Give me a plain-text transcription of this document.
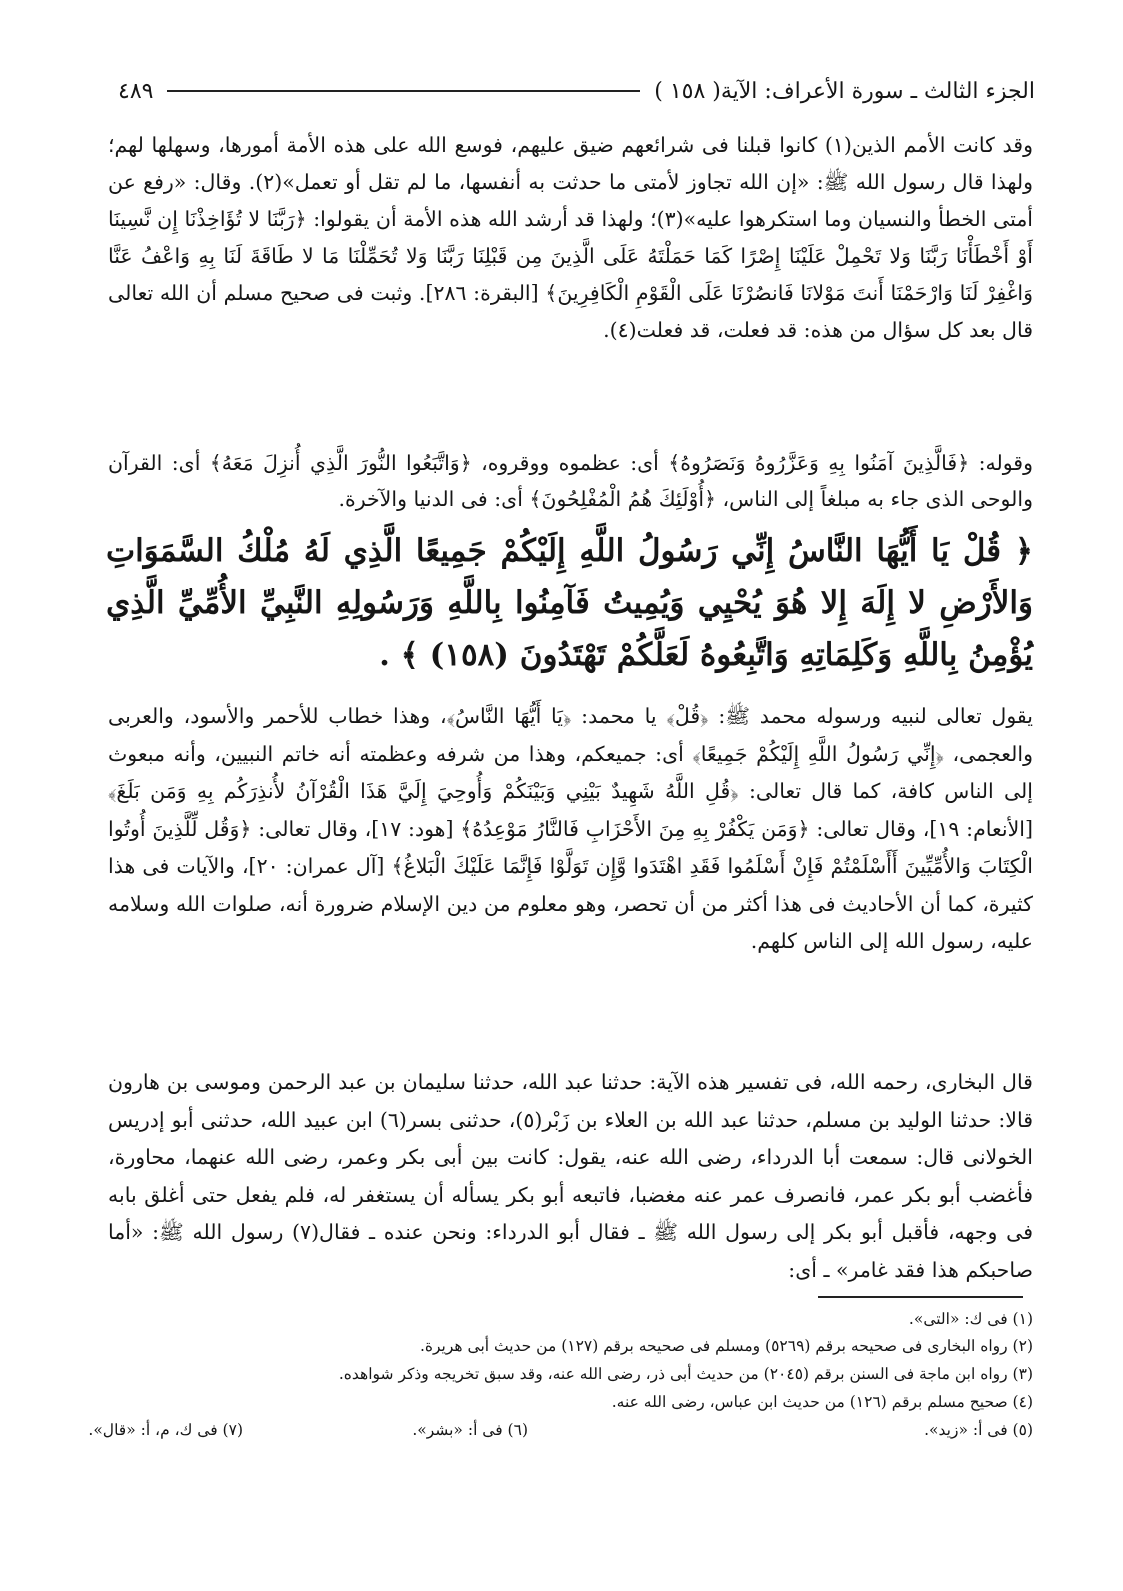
الجزء الثالث ـ سورة الأعراف: الآية( ١٥٨ )
٤٨٩
وقد كانت الأمم الذين(١) كانوا قبلنا فى شرائعهم ضيق عليهم، فوسع الله على هذه الأمة أمورها، وسهلها لهم؛ ولهذا قال رسول الله ﷺ: «إن الله تجاوز لأمتى ما حدثت به أنفسها، ما لم تقل أو تعمل»(٢). وقال: «رفع عن أمتى الخطأ والنسيان وما استكرهوا عليه»(٣)؛ ولهذا قد أرشد الله هذه الأمة أن يقولوا: ﴿رَبَّنَا لا تُؤَاخِذْنَا إِن نَّسِينَا أَوْ أَخْطَأْنَا رَبَّنَا وَلا تَحْمِلْ عَلَيْنَا إِصْرًا كَمَا حَمَلْتَهُ عَلَى الَّذِينَ مِن قَبْلِنَا رَبَّنَا وَلا تُحَمِّلْنَا مَا لا طَاقَةَ لَنَا بِهِ وَاعْفُ عَنَّا وَاغْفِرْ لَنَا وَارْحَمْنَا أَنتَ مَوْلانَا فَانصُرْنَا عَلَى الْقَوْمِ الْكَافِرِينَ﴾ [البقرة: ٢٨٦]. وثبت فى صحيح مسلم أن الله تعالى قال بعد كل سؤال من هذه: قد فعلت، قد فعلت(٤).
وقوله: ﴿فَالَّذِينَ آمَنُوا بِهِ وَعَزَّرُوهُ وَنَصَرُوهُ﴾ أى: عظموه ووقروه، ﴿وَاتَّبَعُوا النُّورَ الَّذِي أُنزِلَ مَعَهُ﴾ أى: القرآن والوحى الذى جاء به مبلغاً إلى الناس، ﴿أُوْلَئِكَ هُمُ الْمُفْلِحُونَ﴾ أى: فى الدنيا والآخرة.
﴿ قُلْ يَا أَيُّهَا النَّاسُ إِنِّي رَسُولُ اللَّهِ إِلَيْكُمْ جَمِيعًا الَّذِي لَهُ مُلْكُ السَّمَوَاتِ وَالأَرْضِ لا إِلَهَ إِلا هُوَ يُحْيِي وَيُمِيتُ فَآمِنُوا بِاللَّهِ وَرَسُولِهِ النَّبِيِّ الأُمِّيِّ الَّذِي يُؤْمِنُ بِاللَّهِ وَكَلِمَاتِهِ وَاتَّبِعُوهُ لَعَلَّكُمْ تَهْتَدُونَ (١٥٨) ﴾ .
يقول تعالى لنبيه ورسوله محمد ﷺ: ﴿قُلْ﴾ يا محمد: ﴿يَا أَيُّهَا النَّاسُ﴾، وهذا خطاب للأحمر والأسود، والعربى والعجمى، ﴿إِنِّي رَسُولُ اللَّهِ إِلَيْكُمْ جَمِيعًا﴾ أى: جميعكم، وهذا من شرفه وعظمته أنه خاتم النبيين، وأنه مبعوث إلى الناس كافة، كما قال تعالى: ﴿قُلِ اللَّهُ شَهِيدٌ بَيْنِي وَبَيْنَكُمْ وَأُوحِيَ إِلَيَّ هَذَا الْقُرْآنُ لأُنذِرَكُم بِهِ وَمَن بَلَغَ﴾ [الأنعام: ١٩]، وقال تعالى: ﴿وَمَن يَكْفُرْ بِهِ مِنَ الأَحْزَابِ فَالنَّارُ مَوْعِدُهُ﴾ [هود: ١٧]، وقال تعالى: ﴿وَقُل لِّلَّذِينَ أُوتُوا الْكِتَابَ وَالأُمِّيِّينَ أَأَسْلَمْتُمْ فَإِنْ أَسْلَمُوا فَقَدِ اهْتَدَوا وَّإِن تَوَلَّوْا فَإِنَّمَا عَلَيْكَ الْبَلاغُ﴾ [آل عمران: ٢٠]، والآيات فى هذا كثيرة، كما أن الأحاديث فى هذا أكثر من أن تحصر، وهو معلوم من دين الإسلام ضرورة أنه، صلوات الله وسلامه عليه، رسول الله إلى الناس كلهم.
قال البخارى، رحمه الله، فى تفسير هذه الآية: حدثنا عبد الله، حدثنا سليمان بن عبد الرحمن وموسى بن هارون قالا: حدثنا الوليد بن مسلم، حدثنا عبد الله بن العلاء بن زَبْر(٥)، حدثنى بسر(٦) ابن عبيد الله، حدثنى أبو إدريس الخولانى قال: سمعت أبا الدرداء، رضى الله عنه، يقول: كانت بين أبى بكر وعمر، رضى الله عنهما، محاورة، فأغضب أبو بكر عمر، فانصرف عمر عنه مغضبا، فاتبعه أبو بكر يسأله أن يستغفر له، فلم يفعل حتى أغلق بابه فى وجهه، فأقبل أبو بكر إلى رسول الله ﷺ ـ فقال أبو الدرداء: ونحن عنده ـ فقال(٧) رسول الله ﷺ: «أما صاحبكم هذا فقد غامر» ـ أى:
(١) فى ك: «التى».
(٢) رواه البخارى فى صحيحه برقم (٥٢٦٩) ومسلم فى صحيحه برقم (١٢٧) من حديث أبى هريرة.
(٣) رواه ابن ماجة فى السنن برقم (٢٠٤٥) من حديث أبى ذر، رضى الله عنه، وقد سبق تخريجه وذكر شواهده.
(٤) صحيح مسلم برقم (١٢٦) من حديث ابن عباس، رضى الله عنه.
(٥) فى أ: «زيد».
(٦) فى أ: «بشر».
(٧) فى ك، م، أ: «قال».
